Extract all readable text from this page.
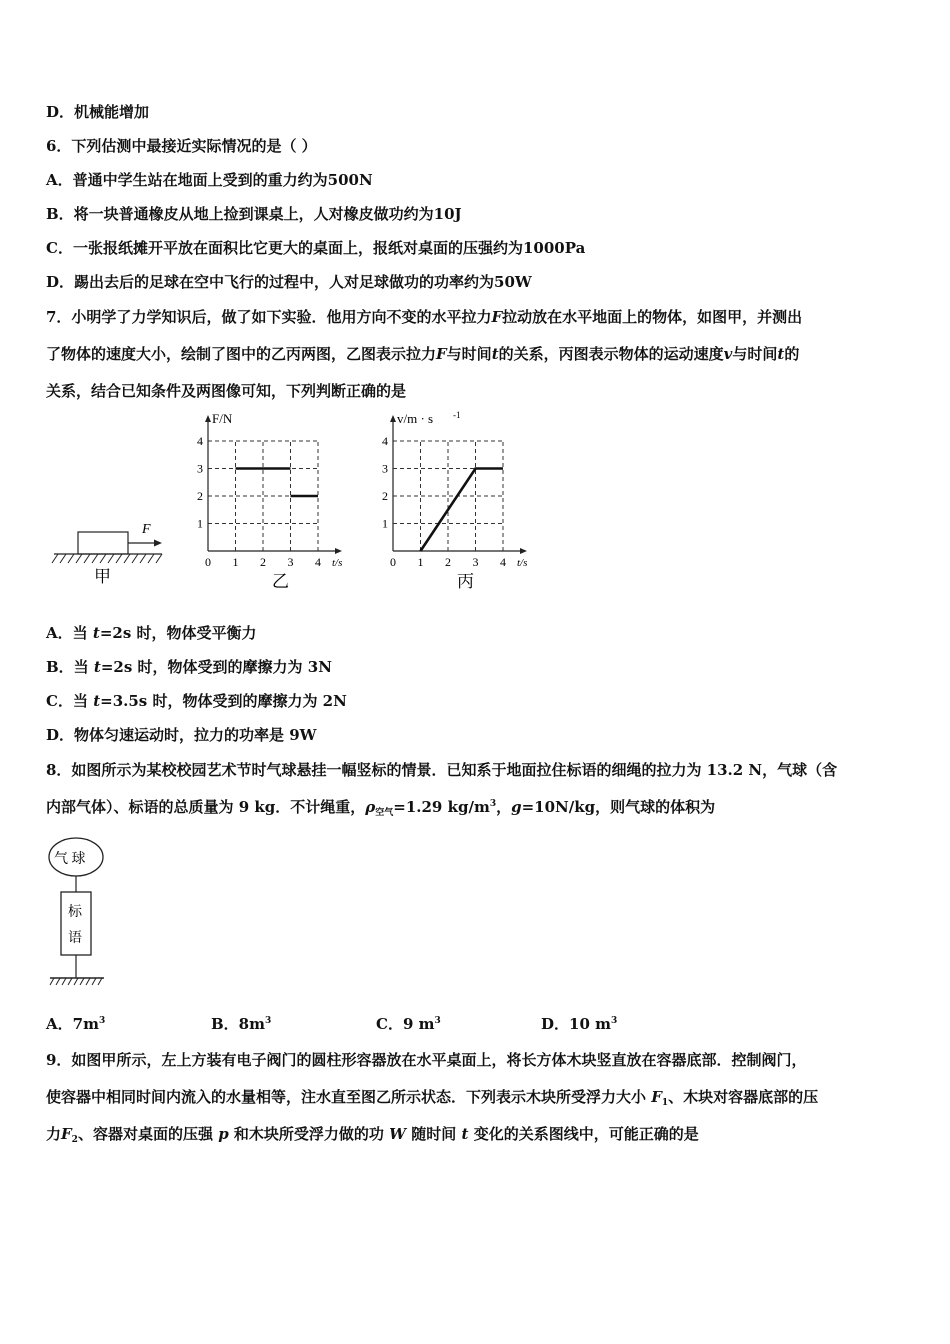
D．机械能增加
6．下列估测中最接近实际情况的是（ ）
A．普通中学生站在地面上受到的重力约为500N
B．将一块普通橡皮从地上捡到课桌上，人对橡皮做功约为10J
C．一张报纸摊开平放在面积比它更大的桌面上，报纸对桌面的压强约为1000Pa
D．踢出去后的足球在空中飞行的过程中，人对足球做功的功率约为50W
7．小明学了力学知识后，做了如下实验．他用方向不变的水平拉力F拉动放在水平地面上的物体，如图甲，并测出
了物体的速度大小，绘制了图中的乙丙两图，乙图表示拉力F与时间t的关系，丙图表示物体的运动速度v与时间t的
关系，结合已知条件及两图像可知，下列判断正确的是
F
甲	乙
0 1 2 3 4
1
2
3
4
t/s
F/N
丙
0 1 2 3 4
1
2
3
4
t/s
v/m · s -1
A．当 t=2s 时，物体受平衡力
B．当 t=2s 时，物体受到的摩擦力为 3N
C．当 t=3.5s 时，物体受到的摩擦力为 2N
D．物体匀速运动时，拉力的功率是 9W
8．如图所示为某校校园艺术节时气球悬挂一幅竖标的情景．已知系于地面拉住标语的细绳的拉力为 13.2 N，气球（含
内部气体）、标语的总质量为 9 kg．不计绳重，$\rho_{空气}=1.29$ $kg/m^3$，g=10N/kg，则气球的体积为
气 球
标
语
A．$7m^3$	B．$8m^3$	C．9 $m^3$	D．10 $m^3$
9．如图甲所示，左上方装有电子阀门的圆柱形容器放在水平桌面上，将长方体木块竖直放在容器底部．控制阀门，
使容器中相同时间内流入的水量相等，注水直至图乙所示状态．下列表示木块所受浮力大小 $F_1$、木块对容器底部的压
力$F_2$、容器对桌面的压强 p 和木块所受浮力做的功 W 随时间 t 变化的关系图线中，可能正确的是
